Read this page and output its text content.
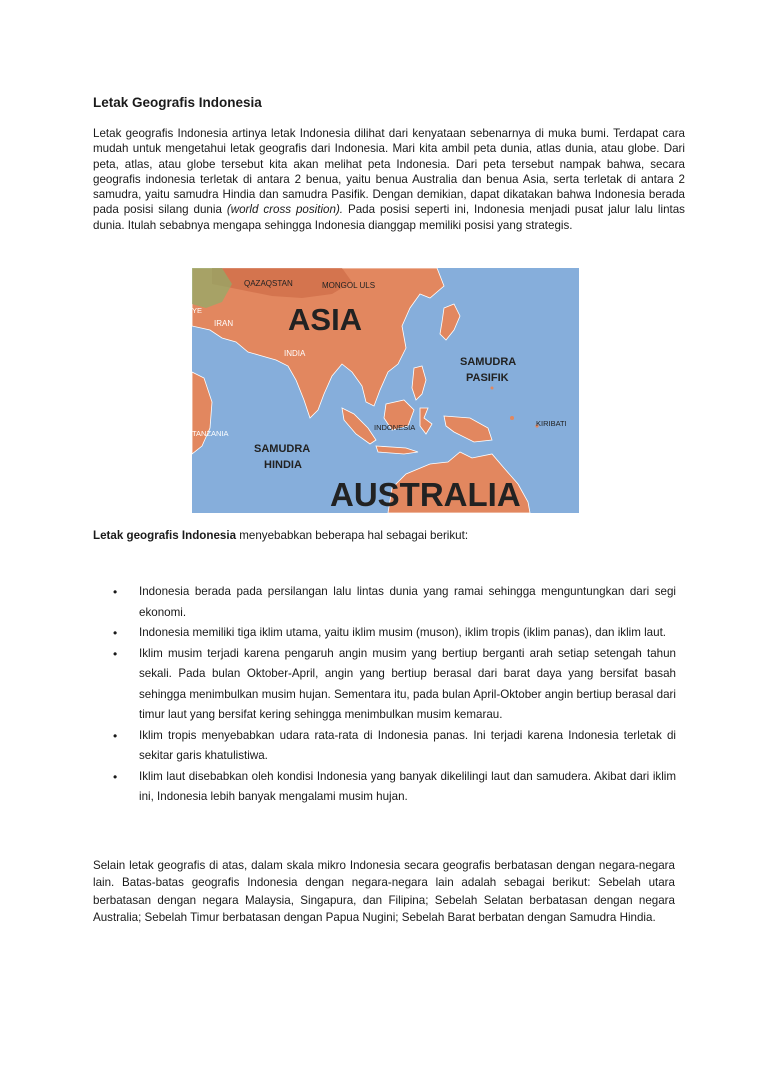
Letak Geografis Indonesia

Letak geografis Indonesia artinya letak Indonesia dilihat dari kenyataan sebenarnya di muka bumi. Terdapat cara mudah untuk mengetahui letak geografis dari Indonesia. Mari kita ambil peta dunia, atlas dunia, atau globe. Dari peta, atlas, atau globe tersebut kita akan melihat peta Indonesia. Dari peta tersebut nampak bahwa, secara geografis indonesia terletak di antara 2 benua, yaitu benua Australia dan benua Asia, serta terletak di antara 2 samudra, yaitu samudra Hindia dan samudra Pasifik. Dengan demikian, dapat dikatakan bahwa Indonesia berada pada posisi silang dunia (world cross position). Pada posisi seperti ini, Indonesia menjadi pusat jalur lalu lintas dunia. Itulah sebabnya mengapa sehingga Indonesia dianggap memiliki posisi yang strategis.

QAZAQSTAN	MONGOL ULS
ASIA
YE
IRAN
INDIA
SAMUDRA
PASIFIK
INDONESIA	KIRIBATI
TANZANIA
SAMUDRA
HINDIA
AUSTRALIA

Letak geografis Indonesia menyebabkan beberapa hal sebagai berikut:

• Indonesia berada pada persilangan lalu lintas dunia yang ramai sehingga menguntungkan dari segi ekonomi.
• Indonesia memiliki tiga iklim utama, yaitu iklim musim (muson), iklim tropis (iklim panas), dan iklim laut.
• Iklim musim terjadi karena pengaruh angin musim yang bertiup berganti arah setiap setengah tahun sekali. Pada bulan Oktober-April, angin yang bertiup berasal dari barat daya yang bersifat basah sehingga menimbulkan musim hujan. Sementara itu, pada bulan April-Oktober angin bertiup berasal dari timur laut yang bersifat kering sehingga menimbulkan musim kemarau.
• Iklim tropis menyebabkan udara rata-rata di Indonesia panas. Ini terjadi karena Indonesia terletak di sekitar garis khatulistiwa.
• Iklim laut disebabkan oleh kondisi Indonesia yang banyak dikelilingi laut dan samudera. Akibat dari iklim ini, Indonesia lebih banyak mengalami musim hujan.

Selain letak geografis di atas, dalam skala mikro Indonesia secara geografis berbatasan dengan negara-negara lain. Batas-batas geografis Indonesia dengan negara-negara lain adalah sebagai berikut: Sebelah utara berbatasan dengan negara Malaysia, Singapura, dan Filipina; Sebelah Selatan berbatasan dengan negara Australia; Sebelah Timur berbatasan dengan Papua Nugini; Sebelah Barat berbatan dengan Samudra Hindia.
